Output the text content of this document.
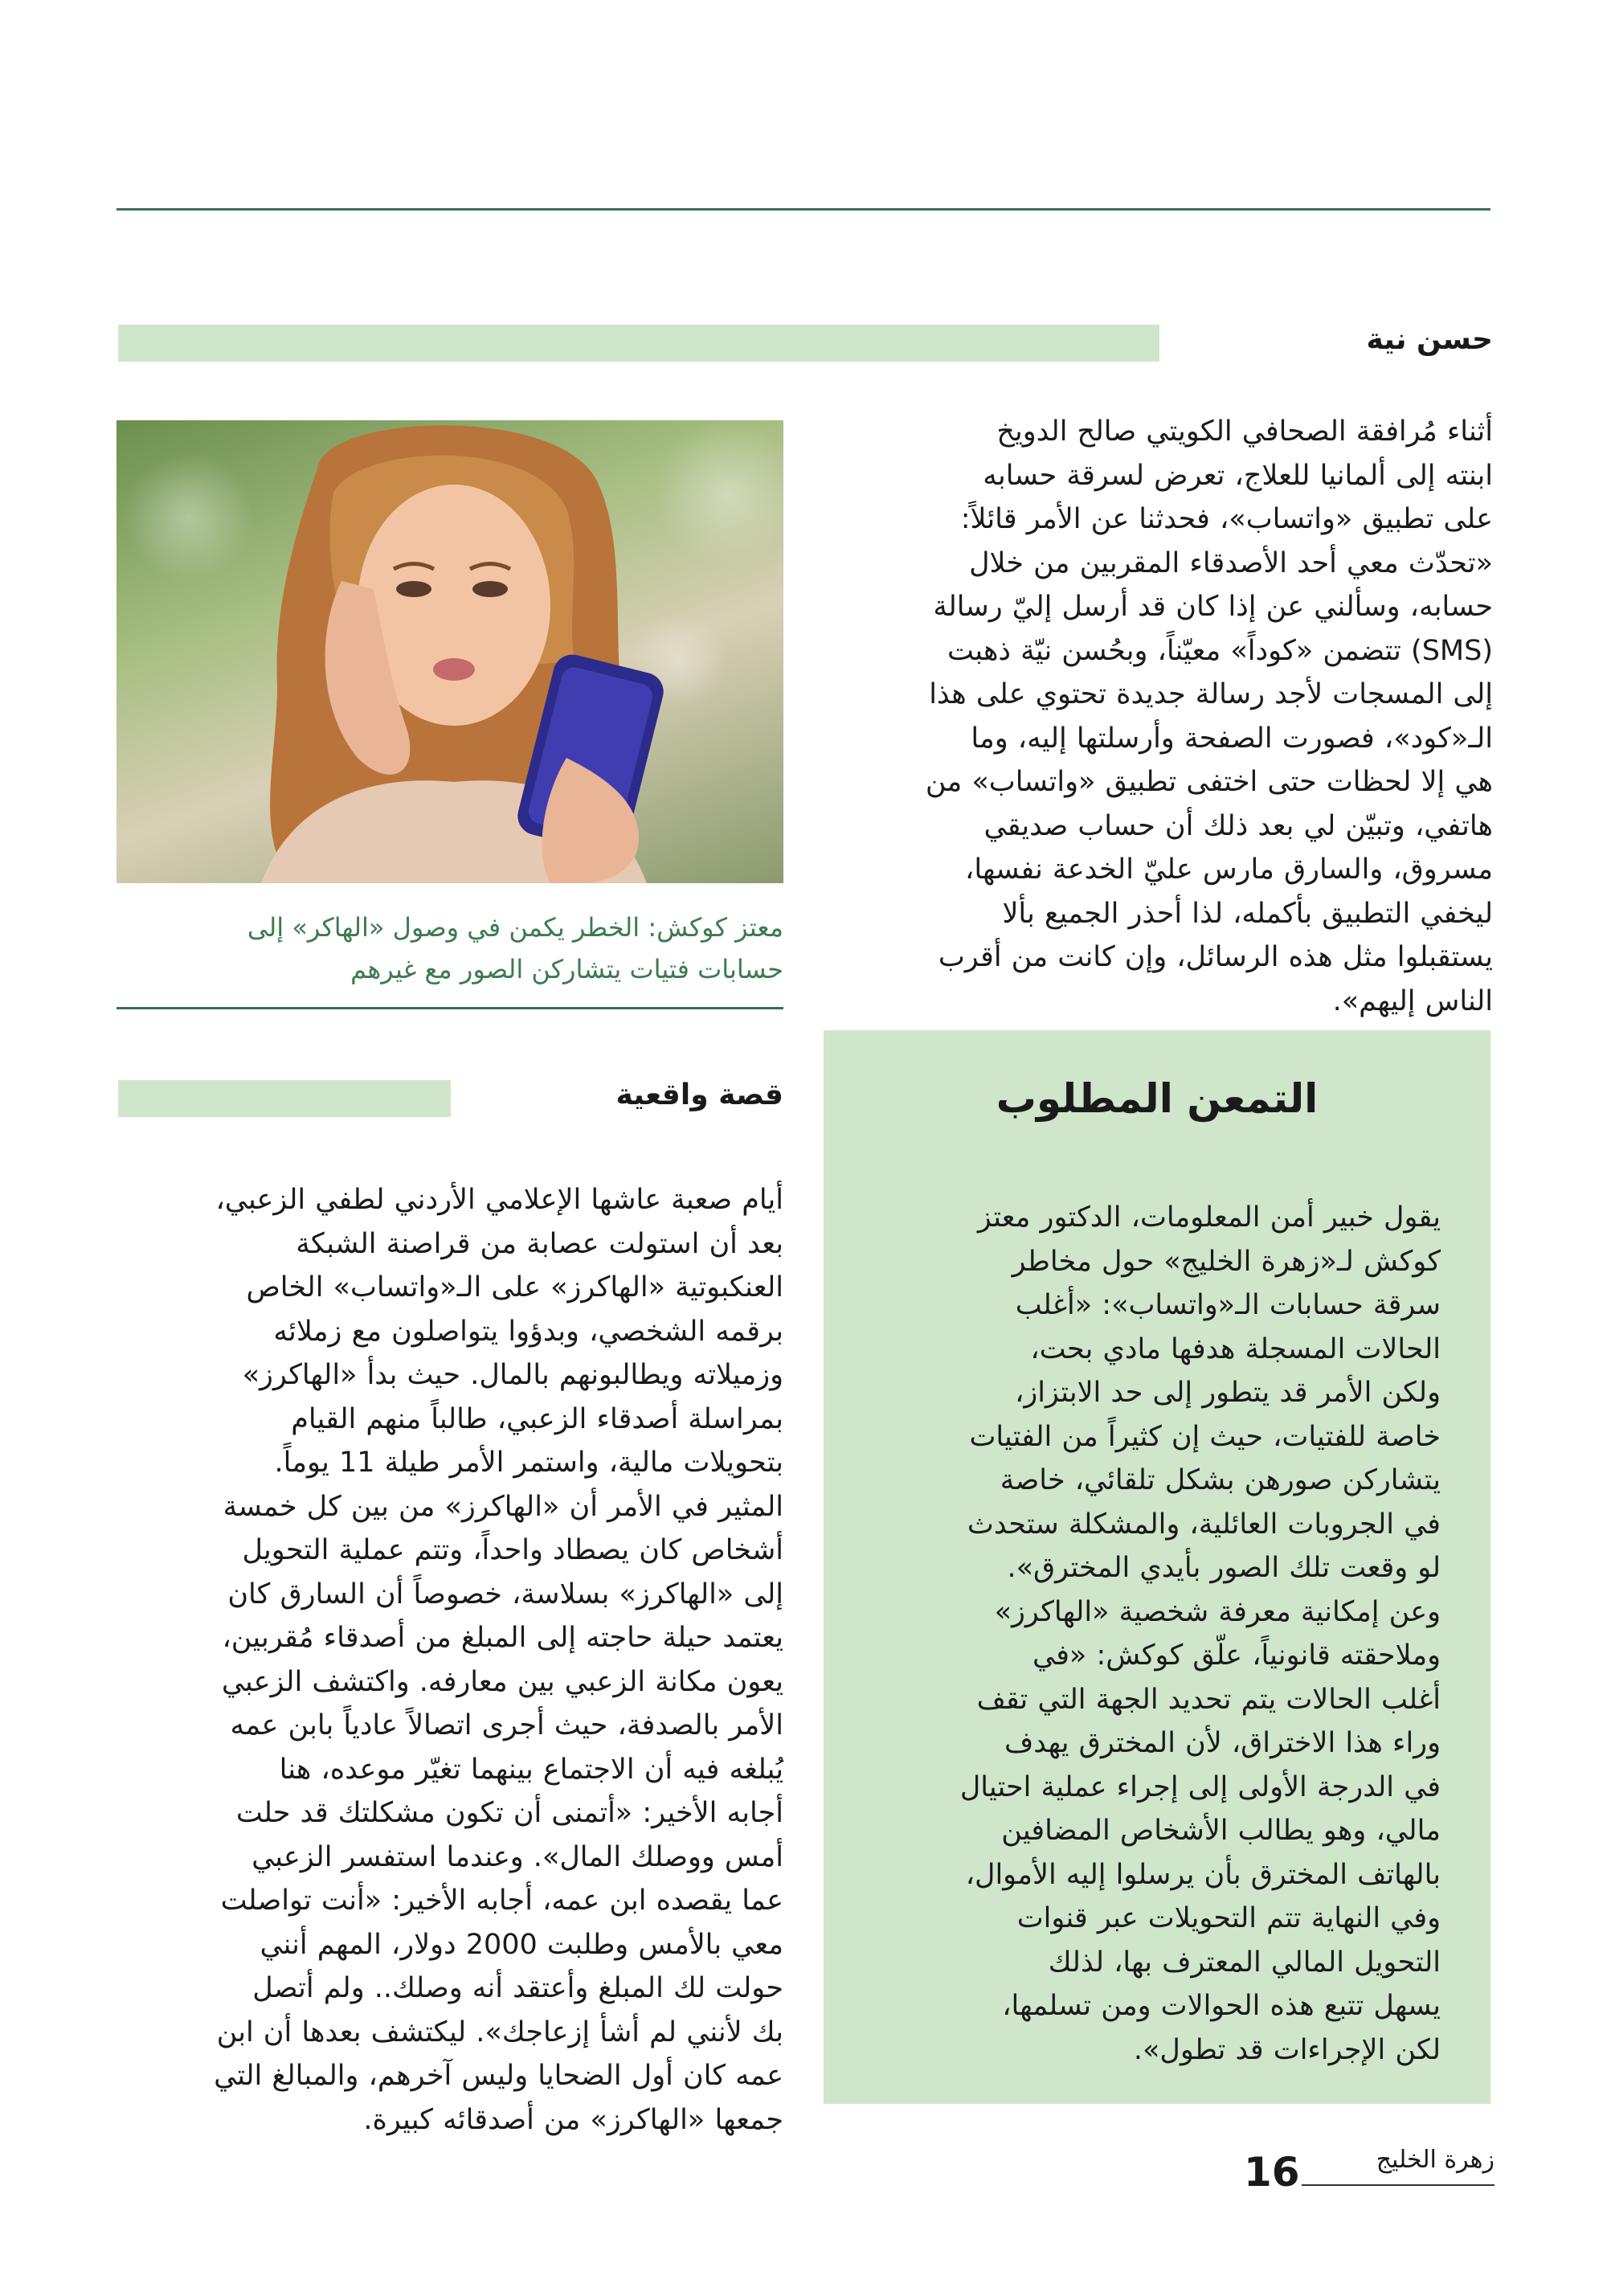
حسن نية
أثناء مُرافقة الصحافي الكويتي صالح الدويخ
ابنته إلى ألمانيا للعلاج، تعرض لسرقة حسابه
على تطبيق «واتساب»، فحدثنا عن الأمر قائلاً:
«تحدّث معي أحد الأصدقاء المقربين من خلال
حسابه، وسألني عن إذا كان قد أرسل إليّ رسالة
(SMS) تتضمن «كوداً» معيّناً، وبحُسن نيّة ذهبت
إلى المسجات لأجد رسالة جديدة تحتوي على هذا
الـ«كود»، فصورت الصفحة وأرسلتها إليه، وما
هي إلا لحظات حتى اختفى تطبيق «واتساب» من
هاتفي، وتبيّن لي بعد ذلك أن حساب صديقي
مسروق، والسارق مارس عليّ الخدعة نفسها،
ليخفي التطبيق بأكمله، لذا أحذر الجميع بألا
يستقبلوا مثل هذه الرسائل، وإن كانت من أقرب
الناس إليهم».
معتز كوكش: الخطر يكمن في وصول «الهاكر» إلى
حسابات فتيات يتشاركن الصور مع غيرهم
قصة واقعية
أيام صعبة عاشها الإعلامي الأردني لطفي الزعبي،
بعد أن استولت عصابة من قراصنة الشبكة
العنكبوتية «الهاكرز» على الـ«واتساب» الخاص
برقمه الشخصي، وبدؤوا يتواصلون مع زملائه
وزميلاته ويطالبونهم بالمال. حيث بدأ «الهاكرز»
بمراسلة أصدقاء الزعبي، طالباً منهم القيام
بتحويلات مالية، واستمر الأمر طيلة 11 يوماً.
المثير في الأمر أن «الهاكرز» من بين كل خمسة
أشخاص كان يصطاد واحداً، وتتم عملية التحويل
إلى «الهاكرز» بسلاسة، خصوصاً أن السارق كان
يعتمد حيلة حاجته إلى المبلغ من أصدقاء مُقربين،
يعون مكانة الزعبي بين معارفه. واكتشف الزعبي
الأمر بالصدفة، حيث أجرى اتصالاً عادياً بابن عمه
يُبلغه فيه أن الاجتماع بينهما تغيّر موعده، هنا
أجابه الأخير: «أتمنى أن تكون مشكلتك قد حلت
أمس ووصلك المال». وعندما استفسر الزعبي
عما يقصده ابن عمه، أجابه الأخير: «أنت تواصلت
معي بالأمس وطلبت 2000 دولار، المهم أنني
حولت لك المبلغ وأعتقد أنه وصلك.. ولم أتصل
بك لأنني لم أشأ إزعاجك». ليكتشف بعدها أن ابن
عمه كان أول الضحايا وليس آخرهم، والمبالغ التي
جمعها «الهاكرز» من أصدقائه كبيرة.
التمعن المطلوب
يقول خبير أمن المعلومات، الدكتور معتز
كوكش لـ«زهرة الخليج» حول مخاطر
سرقة حسابات الـ«واتساب»: «أغلب
الحالات المسجلة هدفها مادي بحت،
ولكن الأمر قد يتطور إلى حد الابتزاز،
خاصة للفتيات، حيث إن كثيراً من الفتيات
يتشاركن صورهن بشكل تلقائي، خاصة
في الجروبات العائلية، والمشكلة ستحدث
لو وقعت تلك الصور بأيدي المخترق».
وعن إمكانية معرفة شخصية «الهاكرز»
وملاحقته قانونياً، علّق كوكش: «في
أغلب الحالات يتم تحديد الجهة التي تقف
وراء هذا الاختراق، لأن المخترق يهدف
في الدرجة الأولى إلى إجراء عملية احتيال
مالي، وهو يطالب الأشخاص المضافين
بالهاتف المخترق بأن يرسلوا إليه الأموال،
وفي النهاية تتم التحويلات عبر قنوات
التحويل المالي المعترف بها، لذلك
يسهل تتبع هذه الحوالات ومن تسلمها،
لكن الإجراءات قد تطول».
16	زهرة الخليج
